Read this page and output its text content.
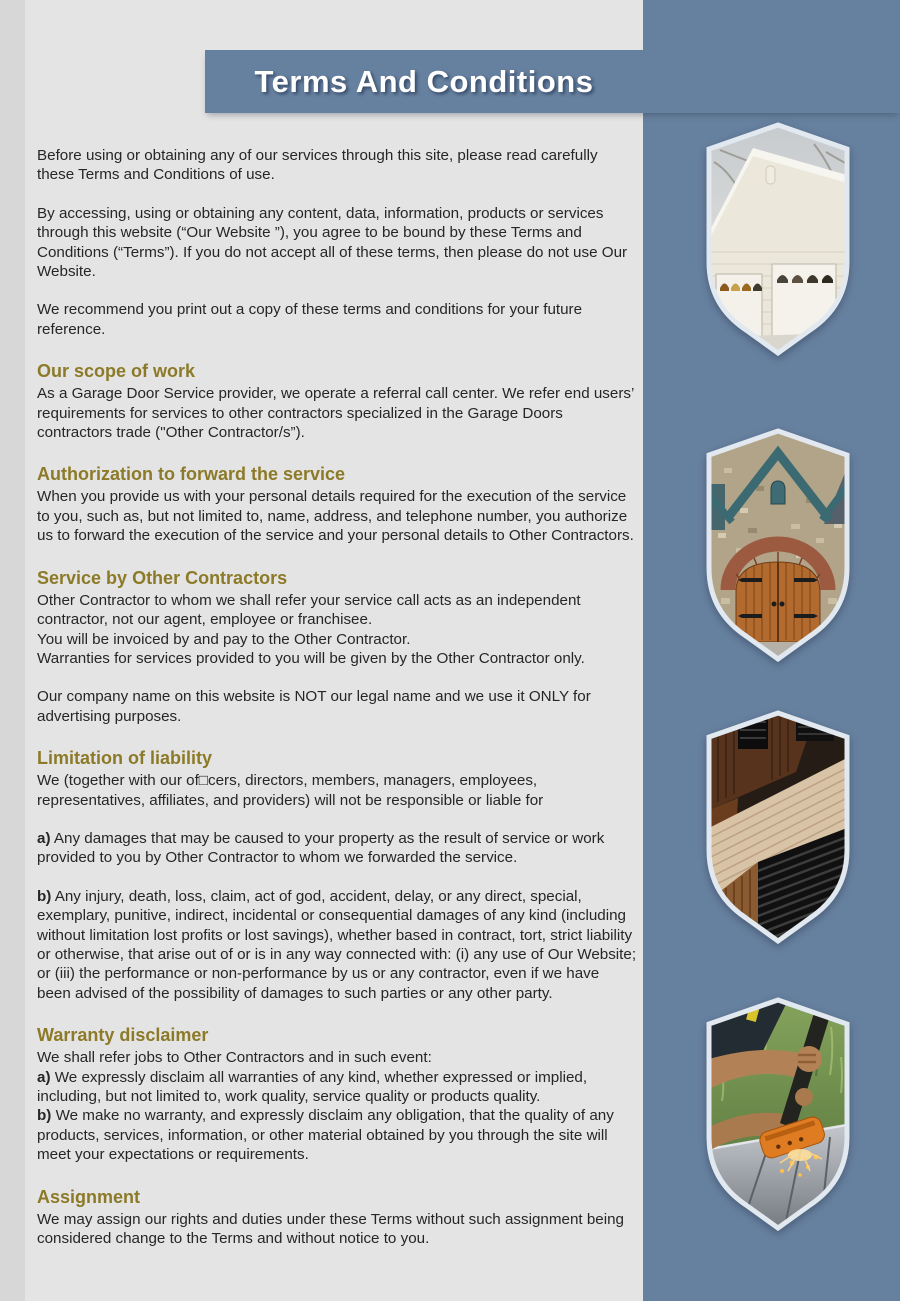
Before using or obtaining any of our services through this site, please read carefully these Terms and Conditions of use.

By accessing, using or obtaining any content, data, information, products or services through this website (“Our Website ”), you agree to be bound by these Terms and Conditions (“Terms”). If you do not accept all of these terms, then please do not use Our Website.

We recommend you print out a copy of these terms and conditions for your future reference.

Our scope of work

As a Garage Door Service provider, we operate a referral call center. We refer end users’ requirements for services to other contractors specialized in the Garage Doors contractors trade ("Other Contractor/s”).

Authorization to forward the service

When you provide us with your personal details required for the execution of the service to you, such as, but not limited to, name, address, and telephone number, you authorize us to forward the execution of the service and your personal details to Other Contractors.

Service by Other Contractors

Other Contractor to whom we shall refer your service call acts as an independent contractor, not our agent, employee or franchisee.

You will be invoiced by and pay to the Other Contractor.

Warranties for services provided to you will be given by the Other Contractor only.

Our company name on this website is NOT our legal name and we use it ONLY for advertising purposes.

Limitation of liability

We (together with our of□cers, directors, members, managers, employees, representatives, affiliates, and providers) will not be responsible or liable for

a) Any damages that may be caused to your property as the result of service or work provided to you by Other Contractor to whom we forwarded the service.

b) Any injury, death, loss, claim, act of god, accident, delay, or any direct, special, exemplary, punitive, indirect, incidental or consequential damages of any kind (including without limitation lost profits or lost savings), whether based in contract, tort, strict liability or otherwise, that arise out of or is in any way connected with: (i) any use of Our Website; or (iii) the performance or non-performance by us or any contractor, even if we have been advised of the possibility of damages to such parties or any other party.

Warranty disclaimer

We shall refer jobs to Other Contractors and in such event:

a) We expressly disclaim all warranties of any kind, whether expressed or implied, including, but not limited to, work quality, service quality or products quality.

b) We make no warranty, and expressly disclaim any obligation, that the quality of any products, services, information, or other material obtained by you through the site will meet your expectations or requirements.

Assignment

We may assign our rights and duties under these Terms without such assignment being considered change to the Terms and without notice to you.

Terms And Conditions
